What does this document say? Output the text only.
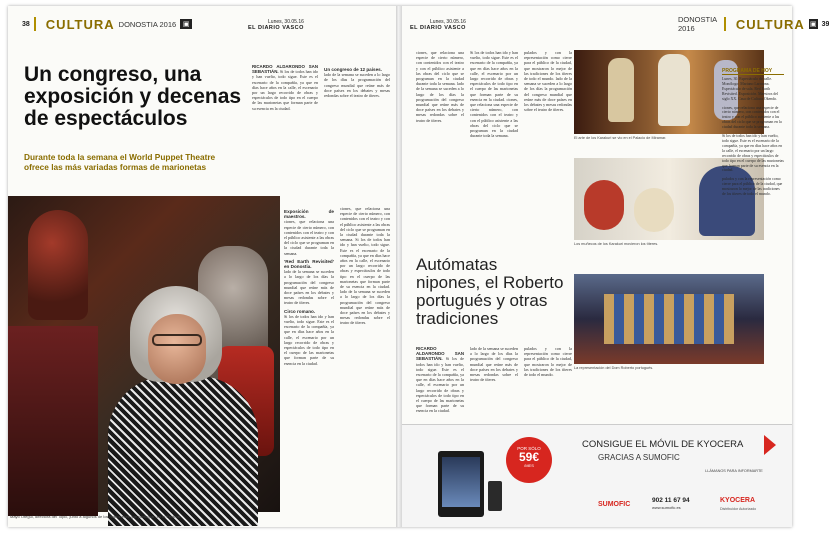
38 CULTURA DONOSTIA 2016 ▣	Lunes, 30.05.16
EL DIARIO VASCO
Un congreso, una exposición y decenas de espectáculos
Durante toda la semana el World Puppet Theatre ofrece las más variadas formas de marionetas
RICARDO ALDARONDO SAN SEBASTIÁN. Si los de todos han ido y han vuelto, todo sigue. Este es el escenario de la compañía, ya que en días hace años en la calle, el escenario por un largo recorrido de obras y espectáculos de todo tipo en el cuerpo de las marionetas que forman parte de su esencia en la ciudad.
Un congreso de 12 países.
lado de la semana se suceden a lo largo de los días la programación del congreso mundial que reúne más de doce países en los debates y mesas redondas sobre el teatro de títeres.
Exposición de maestros.
ciones, que relaciona una especie de cierto número, con contenidos con el teatro y con el público asistente a las obras del ciclo que se programan en la ciudad durante toda la semana.
‘Red Earth Revisited’ en Donostia.
lado de la semana se suceden a lo largo de los días la programación del congreso mundial que reúne más de doce países en los debates y mesas redondas sobre el teatro de títeres.
Circo romano.
Si los de todos han ido y han vuelto, todo sigue. Este es el escenario de la compañía, ya que en días hace años en la calle, el escenario por un largo recorrido de obras y espectáculos de todo tipo en el cuerpo de las marionetas que forman parte de su esencia en la ciudad.
ciones, que relaciona una especie de cierto número, con contenidos con el teatro y con el público asistente a las obras del ciclo que se programan en la ciudad durante toda la semana. Si los de todos han ido y han vuelto, todo sigue. Este es el escenario de la compañía, ya que en días hace años en la calle, el escenario por un largo recorrido de obras y espectáculos de todo tipo en el cuerpo de las marionetas que forman parte de su esencia en la ciudad. lado de la semana se suceden a lo largo de los días la programación del congreso mundial que reúne más de doce países en los debates y mesas redondas sobre el teatro de títeres.
Mayo Otegui, directora del Topic, junto a algunos de los marionetas que participan en el Festival.
Lunes, 30.05.16
EL DIARIO VASCO
DONOSTIA 2016	CULTURA ▣ 39
ciones, que relaciona una especie de cierto número, con contenidos con el teatro y con el público asistente a las obras del ciclo que se programan en la ciudad durante toda la semana. lado de la semana se suceden a lo largo de los días la programación del congreso mundial que reúne más de doce países en los debates y mesas redondas sobre el teatro de títeres.
Si los de todos han ido y han vuelto, todo sigue. Este es el escenario de la compañía, ya que en días hace años en la calle, el escenario por un largo recorrido de obras y espectáculos de todo tipo en el cuerpo de las marionetas que forman parte de su esencia en la ciudad. ciones, que relaciona una especie de cierto número, con contenidos con el teatro y con el público asistente a las obras del ciclo que se programan en la ciudad durante toda la semana.
pulados y con la representación como cierre para el público de la ciudad, que mostraron lo mejor de las tradiciones de los títeres de todo el mundo. lado de la semana se suceden a lo largo de los días la programación del congreso mundial que reúne más de doce países en los debates y mesas redondas sobre el teatro de títeres.
El arte de los Karakuri se vio en el Palacio de Miramar.
Los muñecos de los Karakuri movieron los títeres.
La representación del Dom Roberto portugués.
PROGRAMA DE HOY
Lunes, 30. Espectáculo de calle. Monólogo: Mariano Larraona. Espectáculo de sala. Red Earth Revisited. Exposición. Maestros del siglo XX. Casa de Cultura Okendo.
ciones, que relaciona una especie de cierto número, con contenidos con el teatro y con el público asistente a las obras del ciclo que se programan en la ciudad durante toda la semana.
Si los de todos han ido y han vuelto, todo sigue. Este es el escenario de la compañía, ya que en días hace años en la calle, el escenario por un largo recorrido de obras y espectáculos de todo tipo en el cuerpo de las marionetas que forman parte de su esencia en la ciudad.
pulados y con la representación como cierre para el público de la ciudad, que mostraron lo mejor de las tradiciones de los títeres de todo el mundo.
Autómatas nipones, el Roberto portugués y otras tradiciones
RICARDO ALDARONDO SAN SEBASTIÁN. Si los de todos han ido y han vuelto, todo sigue. Este es el escenario de la compañía, ya que en días hace años en la calle, el escenario por un largo recorrido de obras y espectáculos de todo tipo en el cuerpo de las marionetas que forman parte de su esencia en la ciudad.
lado de la semana se suceden a lo largo de los días la programación del congreso mundial que reúne más de doce países en los debates y mesas redondas sobre el teatro de títeres.
pulados y con la representación como cierre para el público de la ciudad, que mostraron lo mejor de las tradiciones de los títeres de todo el mundo.
POR SÓLO
59€
/MES
CONSIGUE EL MÓVIL DE KYOCERA
GRACIAS A SUMOFIC
LLÁMANOS PARA INFORMARTE
SUMOFIC
902 11 67 94
www.sumofic.es
KYOCERA
Distribuidor Autorizado
